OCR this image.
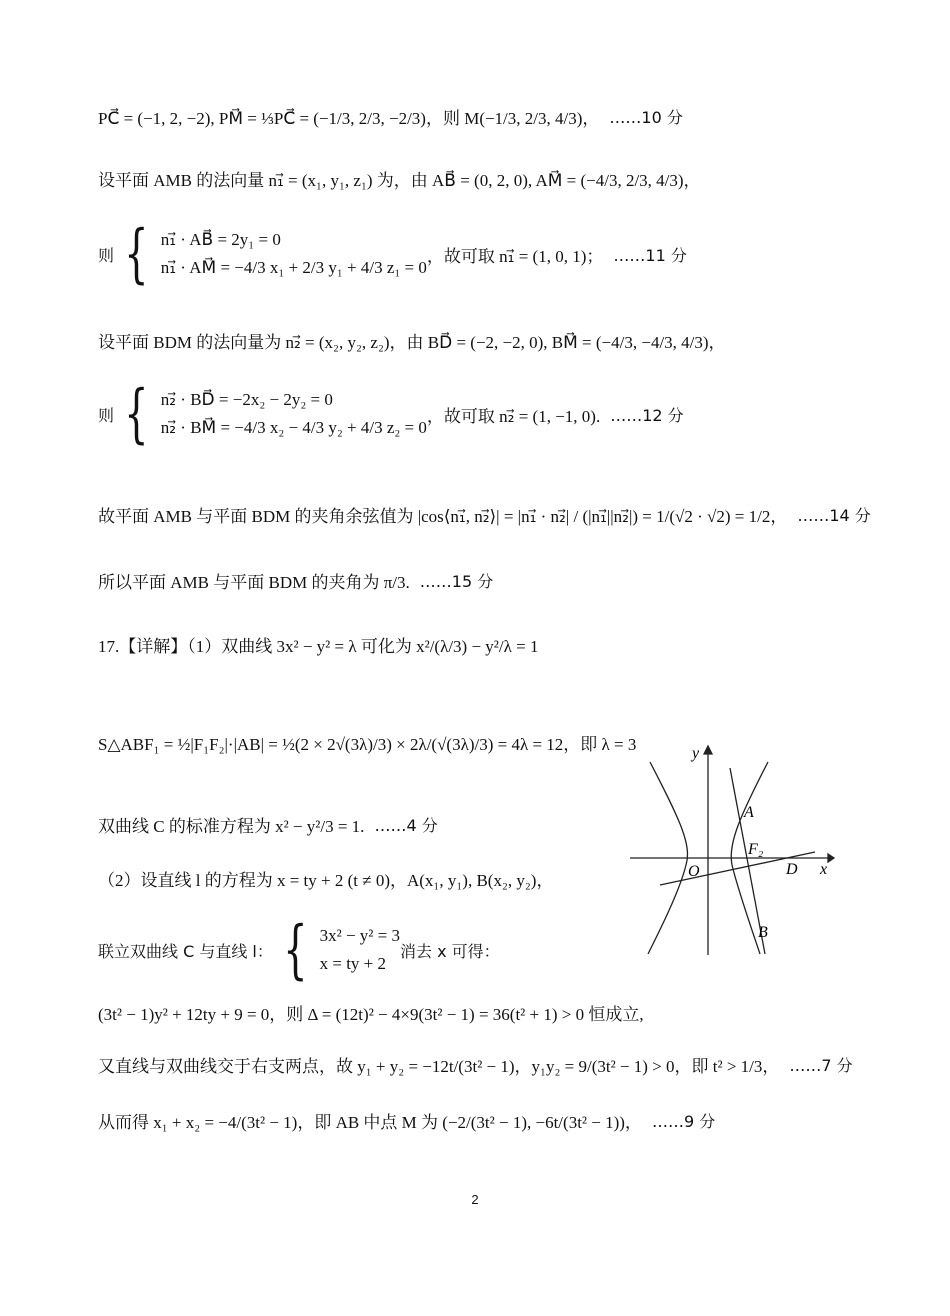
PC⃗ = (−1, 2, −2), PM⃗ = ⅓PC⃗ = (−1/3, 2/3, −2/3)，则 M(−1/3, 2/3, 4/3)， ……10 分
设平面 AMB 的法向量 n₁⃗ = (x₁, y₁, z₁) 为，由 AB⃗ = (0, 2, 0), AM⃗ = (−4/3, 2/3, 4/3)，
则 { n₁⃗ · AB⃗ = 2y₁ = 0
n₁⃗ · AM⃗ = −4/3 x₁ + 2/3 y₁ + 4/3 z₁ = 0
，故可取 n₁⃗ = (1, 0, 1)； ……11 分
设平面 BDM 的法向量为 n₂⃗ = (x₂, y₂, z₂)，由 BD⃗ = (−2, −2, 0), BM⃗ = (−4/3, −4/3, 4/3)，
则 { n₂⃗ · BD⃗ = −2x₂ − 2y₂ = 0
n₂⃗ · BM⃗ = −4/3 x₂ − 4/3 y₂ + 4/3 z₂ = 0
，故可取 n₂⃗ = (1, −1, 0). ……12 分
故平面 AMB 与平面 BDM 的夹角余弦值为 |cos⟨n₁⃗, n₂⃗⟩| = |n₁⃗ · n₂⃗| / (|n₁⃗||n₂⃗|) = 1/(√2 · √2) = 1/2， ……14 分
所以平面 AMB 与平面 BDM 的夹角为 π/3. ……15 分
17.【详解】（1）双曲线 3x² − y² = λ 可化为 x²/(λ/3) − y²/λ = 1
S△ABF₁ = ½|F₁F₂|·|AB| = ½(2 × 2√(3λ)/3) × 2λ/(√(3λ)/3) = 4λ = 12，即 λ = 3
双曲线 C 的标准方程为 x² − y²/3 = 1. ……4 分
（2）设直线 l 的方程为 x = ty + 2 (t ≠ 0)，A(x₁, y₁), B(x₂, y₂)，
联立双曲线 C 与直线 l： { 3x² − y² = 3
x = ty + 2
消去 x 可得：
(3t² − 1)y² + 12ty + 9 = 0，则 Δ = (12t)² − 4×9(3t² − 1) = 36(t² + 1) > 0 恒成立,
又直线与双曲线交于右支两点，故 y₁ + y₂ = −12t/(3t² − 1)，y₁y₂ = 9/(3t² − 1) > 0，即 t² > 1/3， ……7 分
从而得 x₁ + x₂ = −4/(3t² − 1)，即 AB 中点 M 为 (−2/(3t² − 1), −6t/(3t² − 1))， ……9 分
y
x
O
A
B
D
F₂
2
